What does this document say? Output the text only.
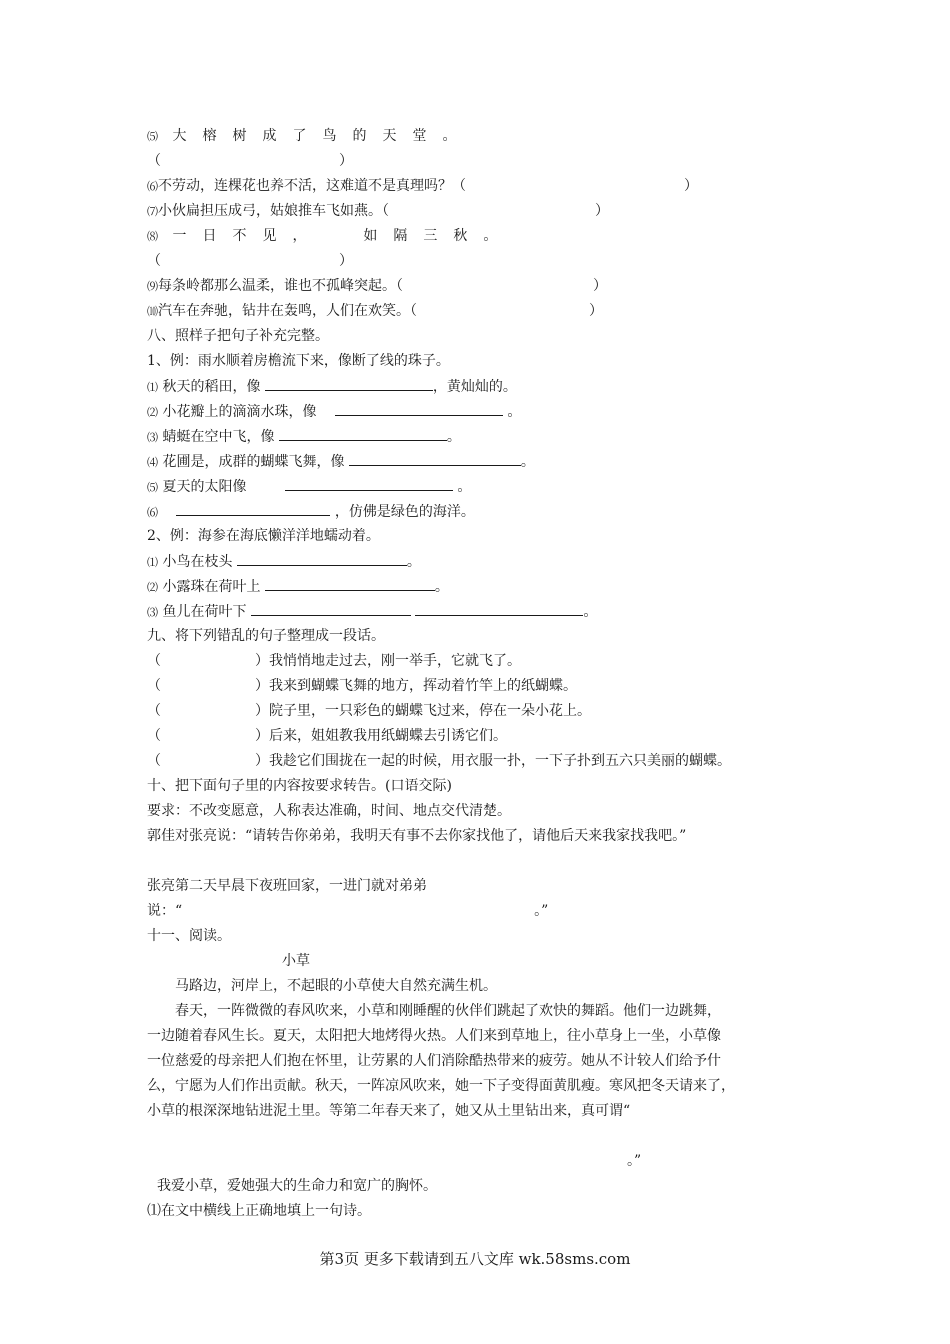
⑸ 大榕树成了鸟的天堂。
（                                        ）
⑹不劳动，连棵花也养不活，这难道不是真理吗？（	）
⑺小伙扁担压成弓，姑娘推车飞如燕。（	）
⑻ 一日不见，  如隔三秋。
（                                        ）
⑼每条岭都那么温柔，谁也不孤峰突起。（	）
⑽汽车在奔驰，钻井在轰鸣，人们在欢笑。（	）
八、照样子把句子补充完整。
1、例：雨水顺着房檐流下来，像断了线的珠子。
⑴ 秋天的稻田，像	，黄灿灿的。
⑵ 小花瓣上的滴滴水珠，像	。
⑶ 蜻蜓在空中飞，像	。
⑷ 花圃是，成群的蝴蝶飞舞，像	。
⑸ 夏天的太阳像	。
⑹	，仿佛是绿色的海洋。
2、例：海参在海底懒洋洋地蠕动着。
⑴ 小鸟在枝头	。
⑵ 小露珠在荷叶上	。
⑶ 鱼儿在荷叶下	。
九、将下列错乱的句子整理成一段话。
（	）我悄悄地走过去，刚一举手，它就飞了。
（	）我来到蝴蝶飞舞的地方，挥动着竹竿上的纸蝴蝶。
（	）院子里，一只彩色的蝴蝶飞过来，停在一朵小花上。
（	）后来，姐姐教我用纸蝴蝶去引诱它们。
（	）我趁它们围拢在一起的时候，用衣服一扑，一下子扑到五六只美丽的蝴蝶。
十、把下面句子里的内容按要求转告。(口语交际)
要求：不改变愿意，人称表达准确，时间、地点交代清楚。
郭佳对张亮说：“请转告你弟弟，我明天有事不去你家找他了，请他后天来我家找我吧。”
张亮第二天早晨下夜班回家，一进门就对弟弟
说：“	。”
十一、阅读。
小草
马路边，河岸上，不起眼的小草使大自然充满生机。
春天，一阵微微的春风吹来，小草和刚睡醒的伙伴们跳起了欢快的舞蹈。他们一边跳舞，
一边随着春风生长。夏天，太阳把大地烤得火热。人们来到草地上，往小草身上一坐，小草像
一位慈爱的母亲把人们抱在怀里，让劳累的人们消除酷热带来的疲劳。她从不计较人们给予什
么，宁愿为人们作出贡献。秋天，一阵凉风吹来，她一下子变得面黄肌瘦。寒风把冬天请来了，
小草的根深深地钻进泥土里。等第二年春天来了，她又从土里钻出来，真可谓“
。”
我爱小草，爱她强大的生命力和宽广的胸怀。
⑴在文中横线上正确地填上一句诗。
第3页 更多下载请到五八文库 wk.58sms.com
